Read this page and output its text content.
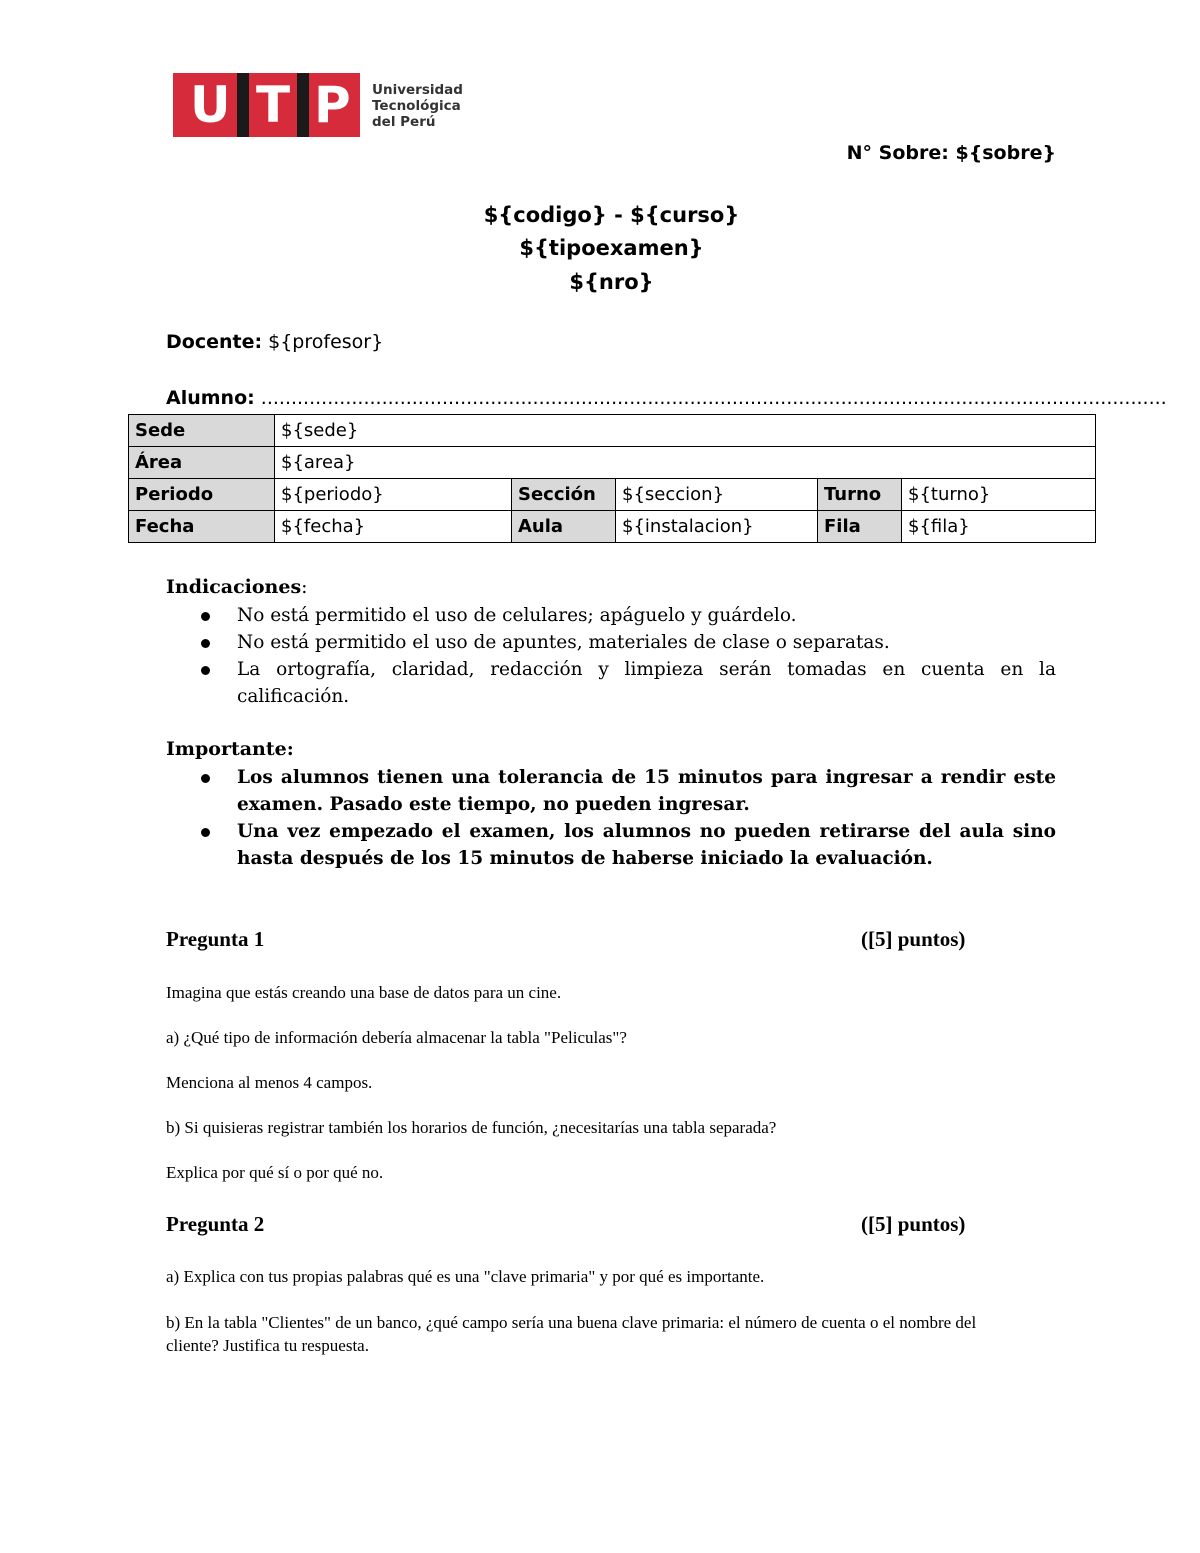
U T P Universidad
Tecnológica
del Perú
N° Sobre: ${sobre}
${codigo} - ${curso}
${tipoexamen}
${nro}
Docente: ${profesor}
Alumno: ......................................................................................................................................................
Sede	${sede}				
Área	${area}				
Periodo	${periodo}	Sección	${seccion}	Turno	${turno}
Fecha	${fecha}	Aula	${instalacion}	Fila	${fila}
Indicaciones:
No está permitido el uso de celulares; apáguelo y guárdelo.
No está permitido el uso de apuntes, materiales de clase o separatas.
La ortografía, claridad, redacción y limpieza serán tomadas en cuenta en la calificación.
Importante:
Los alumnos tienen una tolerancia de 15 minutos para ingresar a rendir este examen. Pasado este tiempo, no pueden ingresar.
Una vez empezado el examen, los alumnos no pueden retirarse del aula sino hasta después de los 15 minutos de haberse iniciado la evaluación.
Pregunta 1	([5] puntos)
Imagina que estás creando una base de datos para un cine.
a) ¿Qué tipo de información debería almacenar la tabla "Peliculas"?
Menciona al menos 4 campos.
b) Si quisieras registrar también los horarios de función, ¿necesitarías una tabla separada?
Explica por qué sí o por qué no.
Pregunta 2	([5] puntos)
a) Explica con tus propias palabras qué es una "clave primaria" y por qué es importante.
b) En la tabla "Clientes" de un banco, ¿qué campo sería una buena clave primaria: el número de cuenta o el nombre del cliente? Justifica tu respuesta.
